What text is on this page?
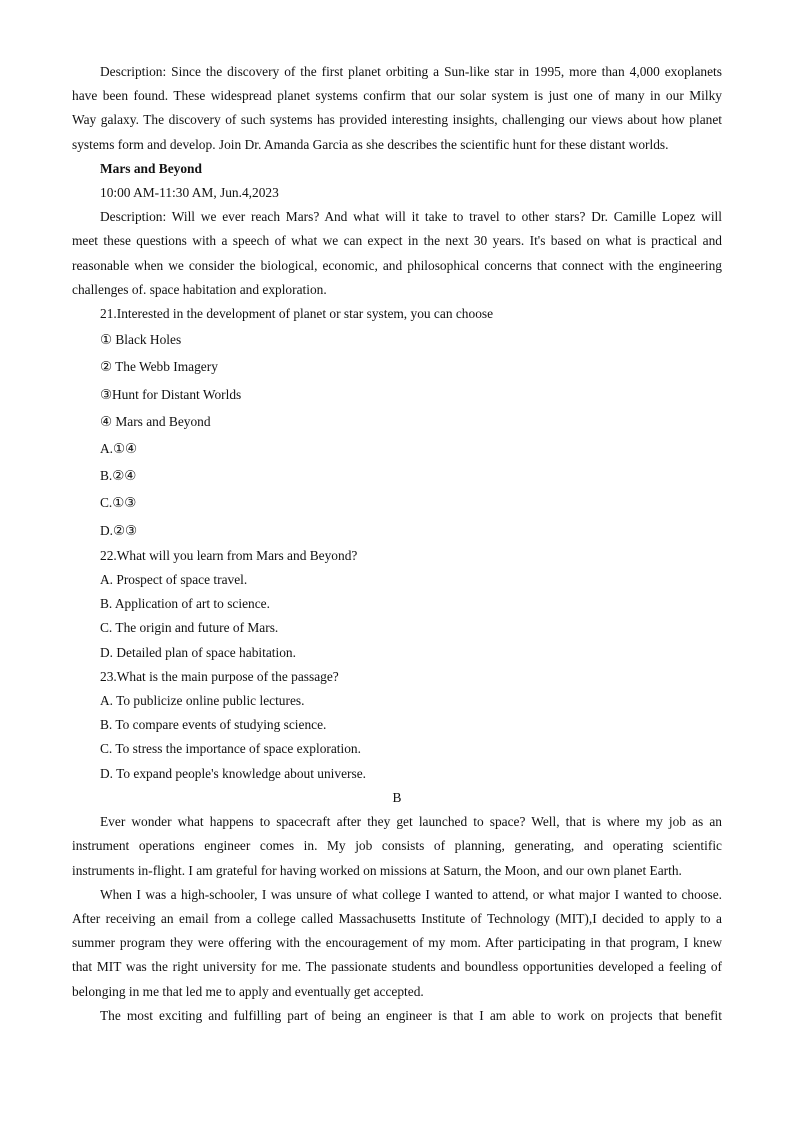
Description: Since the discovery of the first planet orbiting a Sun-like star in 1995, more than 4,000 exoplanets
have been found. These widespread planet systems confirm that our solar system is just one of many in our Milky
Way galaxy. The discovery of such systems has provided interesting insights, challenging our views about how planet
systems form and develop. Join Dr. Amanda Garcia as she describes the scientific hunt for these distant worlds.
Mars and Beyond
10:00 AM-11:30 AM, Jun.4,2023
Description: Will we ever reach Mars? And what will it take to travel to other stars? Dr. Camille Lopez will
meet these questions with a speech of what we can expect in the next 30 years. It's based on what is practical and
reasonable when we consider the biological, economic, and philosophical concerns that connect with the engineering
challenges of. space habitation and exploration.
21.Interested in the development of planet or star system, you can choose
① Black Holes
② The Webb Imagery
③Hunt for Distant Worlds
④ Mars and Beyond
A.①④
B.②④
C.①③
D.②③
22.What will you learn from Mars and Beyond?
A. Prospect of space travel.
B. Application of art to science.
C. The origin and future of Mars.
D. Detailed plan of space habitation.
23.What is the main purpose of the passage?
A. To publicize online public lectures.
B. To compare events of studying science.
C. To stress the importance of space exploration.
D. To expand people's knowledge about universe.
B
Ever wonder what happens to spacecraft after they get launched to space? Well, that is where my job as an
instrument operations engineer comes in. My job consists of planning, generating, and operating scientific
instruments in-flight. I am grateful for having worked on missions at Saturn, the Moon, and our own planet Earth.
When I was a high-schooler, I was unsure of what college I wanted to attend, or what major I wanted to choose.
After receiving an email from a college called Massachusetts Institute of Technology (MIT),I decided to apply to a
summer program they were offering with the encouragement of my mom. After participating in that program, I knew
that MIT was the right university for me. The passionate students and boundless opportunities developed a feeling of
belonging in me that led me to apply and eventually get accepted.
The most exciting and fulfilling part of being an engineer is that I am able to work on projects that benefit
